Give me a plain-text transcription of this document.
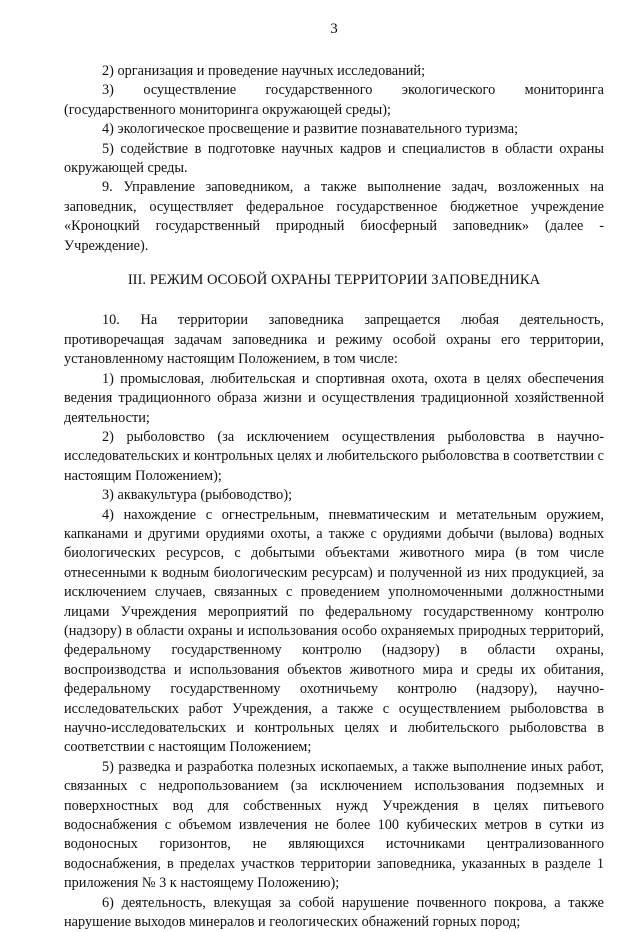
3

2) организация и проведение научных исследований;

3) осуществление государственного экологического мониторинга (государственного мониторинга окружающей среды);

4) экологическое просвещение и развитие познавательного туризма;

5) содействие в подготовке научных кадров и специалистов в области охраны окружающей среды.

9. Управление заповедником, а также выполнение задач, возложенных на заповедник, осуществляет федеральное государственное бюджетное учреждение «Кроноцкий государственный природный биосферный заповедник» (далее - Учреждение).

III. РЕЖИМ ОСОБОЙ ОХРАНЫ ТЕРРИТОРИИ ЗАПОВЕДНИКА

10. На территории заповедника запрещается любая деятельность, противоречащая задачам заповедника и режиму особой охраны его территории, установленному настоящим Положением, в том числе:

1) промысловая, любительская и спортивная охота, охота в целях обеспечения ведения традиционного образа жизни и осуществления традиционной хозяйственной деятельности;

2) рыболовство (за исключением осуществления рыболовства в научно-исследовательских и контрольных целях и любительского рыболовства в соответствии с настоящим Положением);

3) аквакультура (рыбоводство);

4) нахождение с огнестрельным, пневматическим и метательным оружием, капканами и другими орудиями охоты, а также с орудиями добычи (вылова) водных биологических ресурсов, с добытыми объектами животного мира (в том числе отнесенными к водным биологическим ресурсам) и полученной из них продукцией, за исключением случаев, связанных с проведением уполномоченными должностными лицами Учреждения мероприятий по федеральному государственному контролю (надзору) в области охраны и использования особо охраняемых природных территорий, федеральному государственному контролю (надзору) в области охраны, воспроизводства и использования объектов животного мира и среды их обитания, федеральному государственному охотничьему контролю (надзору), научно-исследовательских работ Учреждения, а также с осуществлением рыболовства в научно-исследовательских и контрольных целях и любительского рыболовства в соответствии с настоящим Положением;

5) разведка и разработка полезных ископаемых, а также выполнение иных работ, связанных с недропользованием (за исключением использования подземных и поверхностных вод для собственных нужд Учреждения в целях питьевого водоснабжения с объемом извлечения не более 100 кубических метров в сутки из водоносных горизонтов, не являющихся источниками централизованного водоснабжения, в пределах участков территории заповедника, указанных в разделе 1 приложения № 3 к настоящему Положению);

6) деятельность, влекущая за собой нарушение почвенного покрова, а также нарушение выходов минералов и геологических обнажений горных пород;
